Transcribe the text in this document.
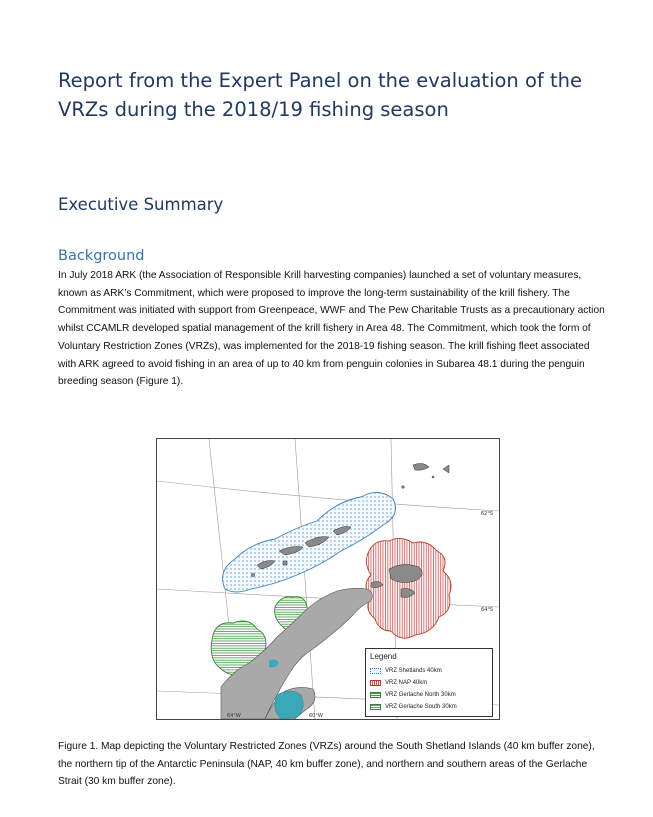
Report from the Expert Panel on the evaluation of the VRZs during the 2018/19 fishing season
Executive Summary
Background

In July 2018 ARK (the Association of Responsible Krill harvesting companies) launched a set of voluntary measures, known as ARK’s Commitment, which were proposed to improve the long-term sustainability of the krill fishery. The Commitment was initiated with support from Greenpeace, WWF and The Pew Charitable Trusts as a precautionary action whilst CCAMLR developed spatial management of the krill fishery in Area 48. The Commitment, which took the form of Voluntary Restriction Zones (VRZs), was implemented for the 2018-19 fishing season. The krill fishing fleet associated with ARK agreed to avoid fishing in an area of up to 40 km from penguin colonies in Subarea 48.1 during the penguin breeding season (Figure 1).

62°S
64°S
64°W	60°W
Legend
VRZ Shetlands 40km
VRZ NAP 40km
VRZ Gerlache North 30km
VRZ Gerlache South 30km

Figure 1. Map depicting the Voluntary Restricted Zones (VRZs) around the South Shetland Islands (40 km buffer zone), the northern tip of the Antarctic Peninsula (NAP, 40 km buffer zone), and northern and southern areas of the Gerlache Strait (30 km buffer zone).
